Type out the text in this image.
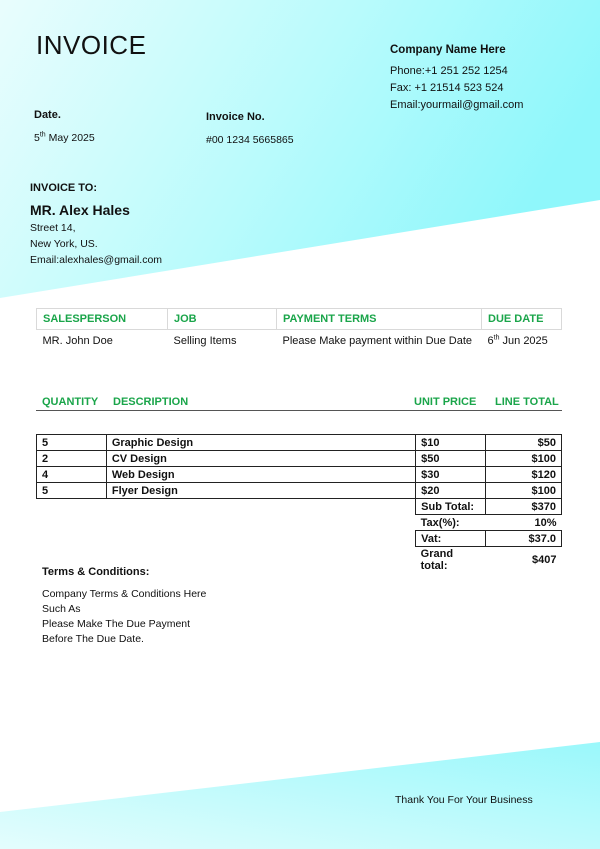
INVOICE	Company Name Here
Phone:+1 251 252 1254
Fax: +1 21514 523 524
Email:yourmail@gmail.com
Date.
5th May 2025
Invoice No.
#00 1234 5665865
INVOICE TO:
MR. Alex Hales
Street 14,
New York, US.
Email:alexhales@gmail.com
SALESPERSON	JOB	PAYMENT TERMS	DUE DATE
MR. John Doe	Selling Items	Please Make payment within Due Date	6th Jun 2025
QUANTITY DESCRIPTION	UNIT PRICE LINE TOTAL
5	Graphic Design	$10	$50
2	CV Design	$50	$100
4	Web Design	$30	$120
5	Flyer Design	$20	$100
		Sub Total:	$370
		Tax(%):	10%
		Vat:	$37.0
		Grand total:	$407
Terms & Conditions:
Company Terms & Conditions Here
Such As
Please Make The Due Payment
Before The Due Date.
Thank You For Your Business
